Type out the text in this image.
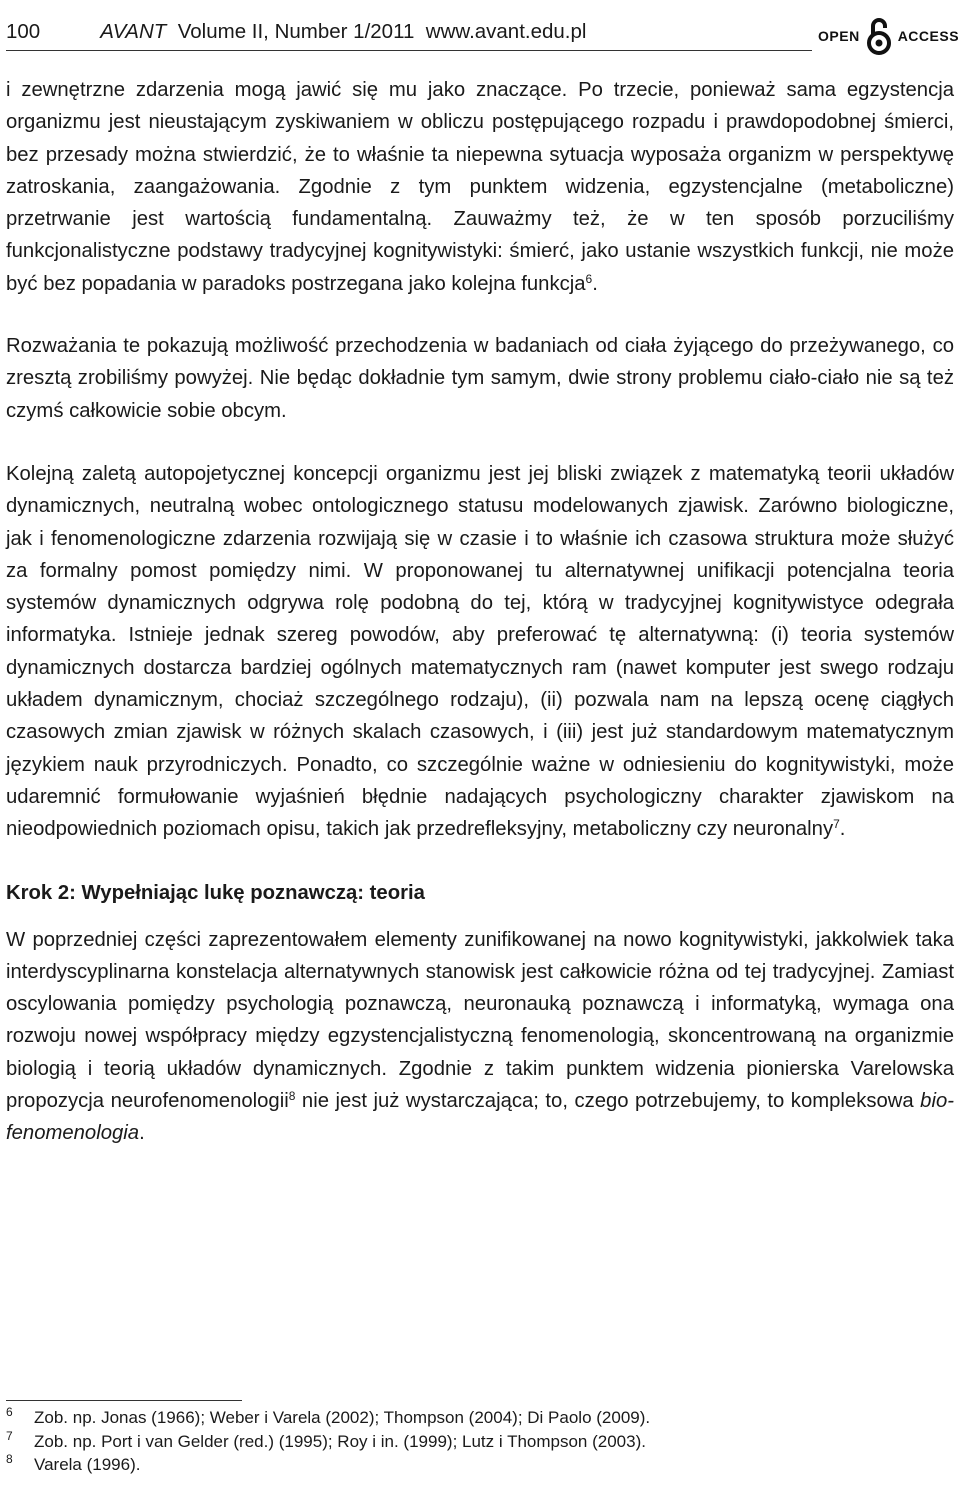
100	AVANT Volume II, Number 1/2011 www.avant.edu.pl	OPEN	ACCESS

i zewnętrzne zdarzenia mogą jawić się mu jako znaczące. Po trzecie, ponieważ sama egzystencja organizmu jest nieustającym zyskiwaniem w obliczu postępującego rozpadu i prawdopodobnej śmierci, bez przesady można stwierdzić, że to właśnie ta niepewna sytuacja wyposaża organizm w perspektywę zatroskania, zaangażowania. Zgodnie z tym punktem widzenia, egzystencjalne (metaboliczne) przetrwanie jest wartością fundamentalną. Zauważmy też, że w ten sposób porzuciliśmy funkcjonalistyczne podstawy tradycyjnej kognitywistyki: śmierć, jako ustanie wszystkich funkcji, nie może być bez popadania w paradoks postrzegana jako kolejna funkcja$^6$.

Rozważania te pokazują możliwość przechodzenia w badaniach od ciała żyjącego do przeżywanego, co zresztą zrobiliśmy powyżej. Nie będąc dokładnie tym samym, dwie strony problemu ciało-ciało nie są też czymś całkowicie sobie obcym.

Kolejną zaletą autopojetycznej koncepcji organizmu jest jej bliski związek z matematyką teorii układów dynamicznych, neutralną wobec ontologicznego statusu modelowanych zjawisk. Zarówno biologiczne, jak i fenomenologiczne zdarzenia rozwijają się w czasie i to właśnie ich czasowa struktura może służyć za formalny pomost pomiędzy nimi. W proponowanej tu alternatywnej unifikacji potencjalna teoria systemów dynamicznych odgrywa rolę podobną do tej, którą w tradycyjnej kognitywistyce odegrała informatyka. Istnieje jednak szereg powodów, aby preferować tę alternatywną: (i) teoria systemów dynamicznych dostarcza bardziej ogólnych matematycznych ram (nawet komputer jest swego rodzaju układem dynamicznym, chociaż szczególnego rodzaju), (ii) pozwala nam na lepszą ocenę ciągłych czasowych zmian zjawisk w różnych skalach czasowych, i (iii) jest już standardowym matematycznym językiem nauk przyrodniczych. Ponadto, co szczególnie ważne w odniesieniu do kognitywistyki, może udaremnić formułowanie wyjaśnień błędnie nadających psychologiczny charakter zjawiskom na nieodpowiednich poziomach opisu, takich jak przedrefleksyjny, metaboliczny czy neuronalny$^7$.

Krok 2: Wypełniając lukę poznawczą: teoria

W poprzedniej części zaprezentowałem elementy zunifikowanej na nowo kognitywistyki, jakkolwiek taka interdyscyplinarna konstelacja alternatywnych stanowisk jest całkowicie różna od tej tradycyjnej. Zamiast oscylowania pomiędzy psychologią poznawczą, neuronauką poznawczą i informatyką, wymaga ona rozwoju nowej współpracy między egzystencjalistyczną fenomenologią, skoncentrowaną na organizmie biologią i teorią układów dynamicznych. Zgodnie z takim punktem widzenia pionierska Varelowska propozycja neurofenomenologii$^8$ nie jest już wystarczająca; to, czego potrzebujemy, to kompleksowa bio-fenomenologia.

6 Zob. np. Jonas (1966); Weber i Varela (2002); Thompson (2004); Di Paolo (2009).
7 Zob. np. Port i van Gelder (red.) (1995); Roy i in. (1999); Lutz i Thompson (2003).
8 Varela (1996).
